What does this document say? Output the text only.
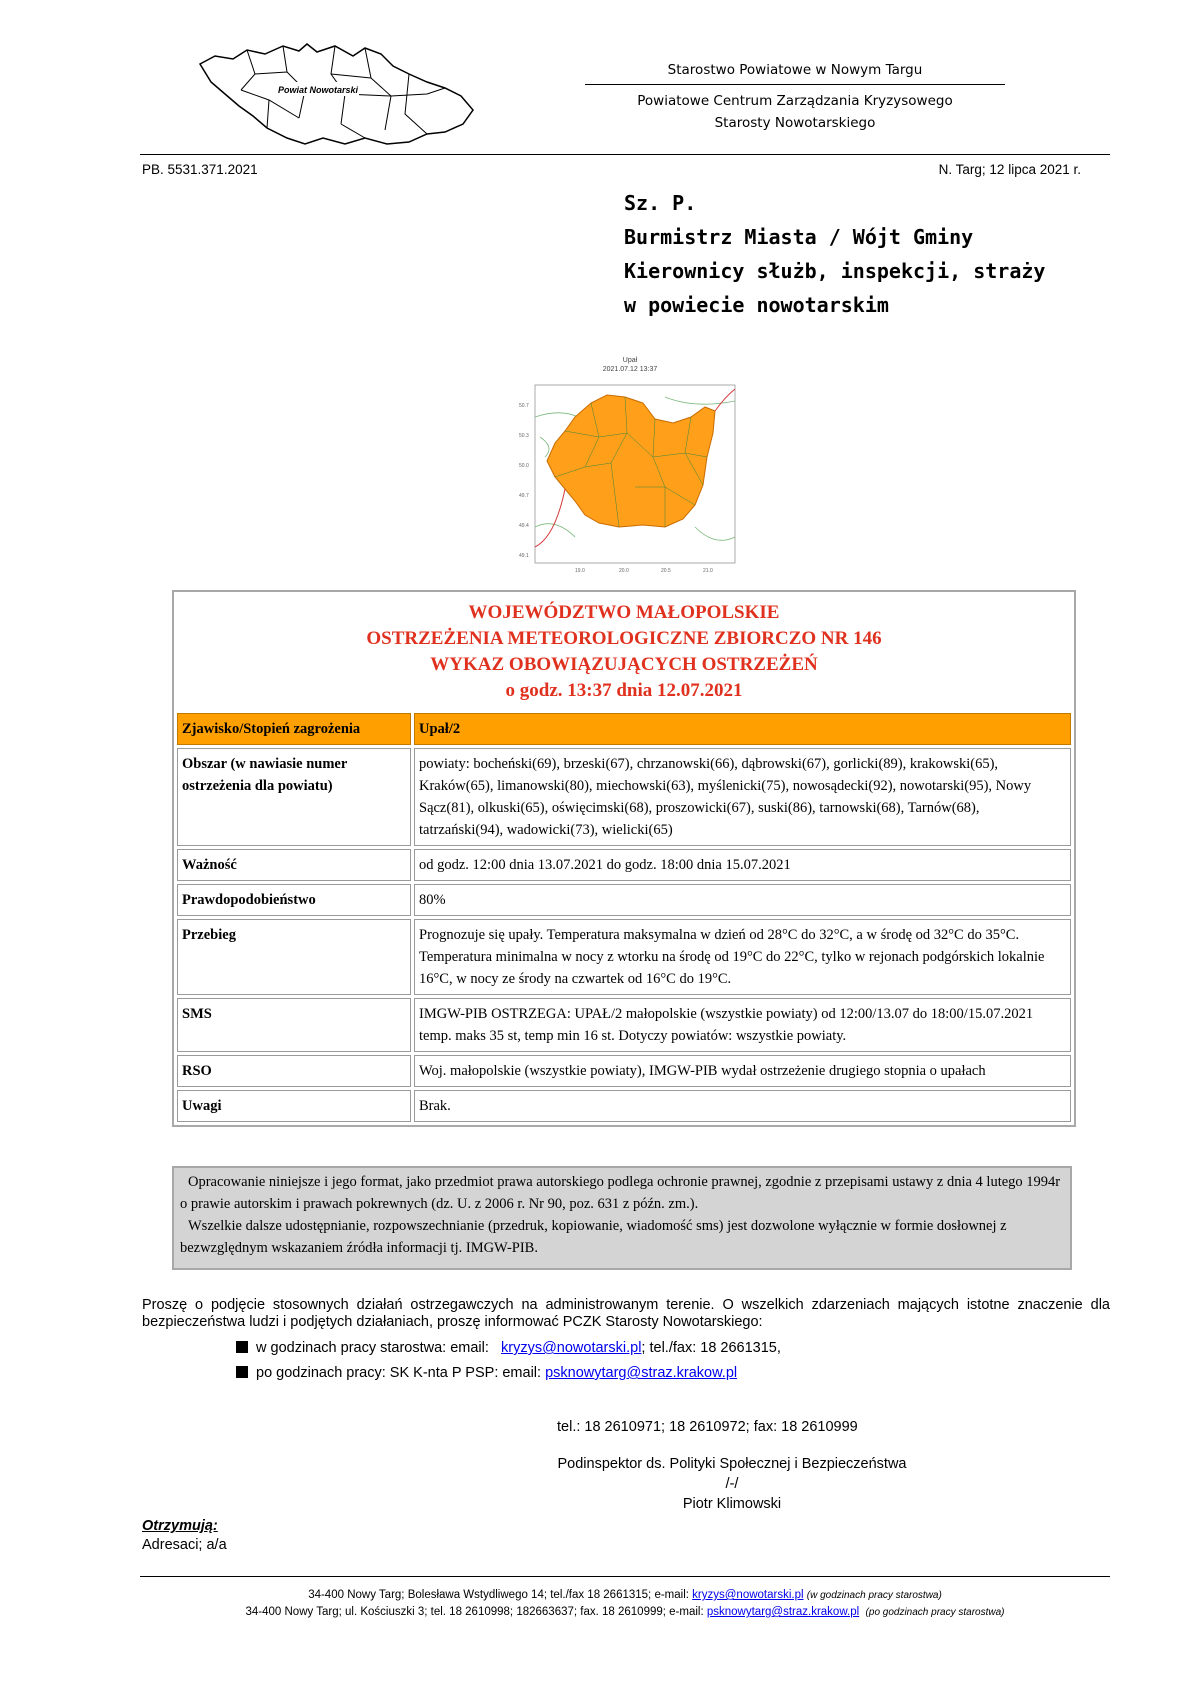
Powiat Nowotarski
Starostwo Powiatowe w Nowym Targu
Powiatowe Centrum Zarządzania Kryzysowego
Starosty Nowotarskiego
PB. 5531.371.2021	N. Targ; 12 lipca 2021 r.
Sz. P.
Burmistrz Miasta / Wójt Gminy
Kierownicy służb, inspekcji, straży
w powiecie nowotarskim
Upał
2021.07.12 13:37
50.7
50.3
50.0
49.7
49.4
49.1
19.0	20.0	20.5	21.0
WOJEWÓDZTWO MAŁOPOLSKIE
OSTRZEŻENIA METEOROLOGICZNE ZBIORCZO NR 146
WYKAZ OBOWIĄZUJĄCYCH OSTRZEŻEŃ
o godz. 13:37 dnia 12.07.2021
Zjawisko/Stopień zagrożenia	Upał/2
Obszar (w nawiasie numer ostrzeżenia dla powiatu)	powiaty: bocheński(69), brzeski(67), chrzanowski(66), dąbrowski(67), gorlicki(89), krakowski(65), Kraków(65), limanowski(80), miechowski(63), myślenicki(75), nowosądecki(92), nowotarski(95), Nowy Sącz(81), olkuski(65), oświęcimski(68), proszowicki(67), suski(86), tarnowski(68), Tarnów(68), tatrzański(94), wadowicki(73), wielicki(65)
Ważność	od godz. 12:00 dnia 13.07.2021 do godz. 18:00 dnia 15.07.2021
Prawdopodobieństwo	80%
Przebieg	Prognozuje się upały. Temperatura maksymalna w dzień od 28°C do 32°C, a w środę od 32°C do 35°C. Temperatura minimalna w nocy z wtorku na środę od 19°C do 22°C, tylko w rejonach podgórskich lokalnie 16°C, w nocy ze środy na czwartek od 16°C do 19°C.
SMS	IMGW-PIB OSTRZEGA: UPAŁ/2 małopolskie (wszystkie powiaty) od 12:00/13.07 do 18:00/15.07.2021 temp. maks 35 st, temp min 16 st. Dotyczy powiatów: wszystkie powiaty.
RSO	Woj. małopolskie (wszystkie powiaty), IMGW-PIB wydał ostrzeżenie drugiego stopnia o upałach
Uwagi	Brak.
Opracowanie niniejsze i jego format, jako przedmiot prawa autorskiego podlega ochronie prawnej, zgodnie z przepisami ustawy z dnia 4 lutego 1994r o prawie autorskim i prawach pokrewnych (dz. U. z 2006 r. Nr 90, poz. 631 z późn. zm.).
Wszelkie dalsze udostępnianie, rozpowszechnianie (przedruk, kopiowanie, wiadomość sms) jest dozwolone wyłącznie w formie dosłownej z bezwzględnym wskazaniem źródła informacji tj. IMGW-PIB.
Proszę o podjęcie stosownych działań ostrzegawczych na administrowanym terenie. O wszelkich zdarzeniach mających istotne znaczenie dla bezpieczeństwa ludzi i podjętych działaniach, proszę informować PCZK Starosty Nowotarskiego:
w godzinach pracy starostwa: email: kryzys@nowotarski.pl; tel./fax: 18 2661315,
po godzinach pracy: SK K-nta P PSP: email: psknowytarg@straz.krakow.pl
tel.: 18 2610971; 18 2610972; fax: 18 2610999
Podinspektor ds. Polityki Społecznej i Bezpieczeństwa
/-/
Piotr Klimowski
Otrzymują:
Adresaci; a/a
34-400 Nowy Targ; Bolesława Wstydliwego 14; tel./fax 18 2661315; e-mail: kryzys@nowotarski.pl (w godzinach pracy starostwa)
34-400 Nowy Targ; ul. Kościuszki 3; tel. 18 2610998; 182663637; fax. 18 2610999; e-mail: psknowytarg@straz.krakow.pl (po godzinach pracy starostwa)
